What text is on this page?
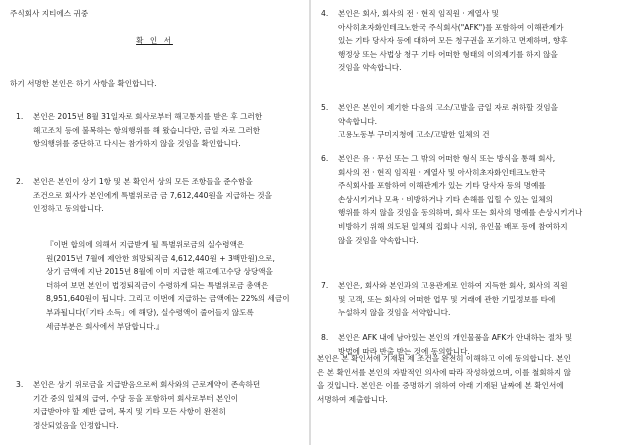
주식회사 지티에스 귀중

확 인 서

하기 서명한 본인은 하기 사항을 확인합니다.

1. 본인은 2015년 8월 31일자로 회사로부터 해고통지를 받은 후 그러한
해고조치 등에 불복하는 항의행위를 해 왔습니다만, 금일 자로 그러한
항의행위를 중단하고 다시는 참가하지 않을 것임을 확인합니다.

2. 본인은 본인이 상기 1항 및 본 확인서 상의 모든 조항들을 준수함을
조건으로 회사가 본인에게 특별위로금 금 7,612,440원을 지급하는 것을
인정하고 동의합니다.

『이번 합의에 의해서 지급받게 될 특별위로금의 실수령액은
원(2015년 7월에 제안한 희망퇴직금 4,612,440원 + 3백만원)으로,
상기 금액에 지난 2015년 8월에 이미 지급한 해고예고수당 상당액을
더하여 보면 본인이 법정퇴직금이 수령하게 되는 특별위로금 총액은
8,951,640원이 됩니다. 그리고 이번에 지급하는 금액에는 22%의 세금이
부과될니다(「기타 소득」에 해당), 실수령액이 줄어들지 않도록
세금부분은 회사에서 부담합니다.』

3. 본인은 상기 위로금을 지급받음으로써 회사와의 근로계약이 존속하던
기간 중의 일체의 급여, 수당 등을 포함하여 회사로부터 본인이
지급받아야 할 제반 급여, 복지 및 기타 모든 사항이 완전히
정산되었음을 인정합니다.

4. 본인은 회사, 회사의 전 · 현직 임직원 · 계열사 및
아사히초자화인테크노한국 주식회사("AFK")를 포함하여 이해관계가
있는 기타 당사자 등에 대하여 모든 청구권을 포기하고 면제하며, 향후
행정상 또는 사법상 청구 기타 어떠한 형태의 이의제기를 하지 않을
것임을 약속합니다.

5. 본인은 본인이 제기한 다음의 고소/고발을 금일 자로 취하할 것임을
약속합니다.
고용노동부 구미지청에 고소/고발한 일체의 건

6. 본인은 유 · 무선 또는 그 밖의 어떠한 형식 또는 방식을 통해 회사,
회사의 전 · 현직 임직원 · 계열사 및 아사히초자화인테크노한국
주식회사를 포함하여 이해관계가 있는 기타 당사자 등의 명예를
손상시키거나 모욕 · 비방하거나 기타 손해를 입힐 수 있는 일체의
행위를 하지 않을 것임을 동의하며, 회사 또는 회사의 명예를 손상시키거나
비방하기 위해 의도된 일체의 집회나 시위, 유인물 배포 등에 참여하지
않을 것임을 약속합니다.

7. 본인은, 회사와 본인과의 고용관계로 인하여 지득한 회사, 회사의 직원
및 고객, 또는 회사의 어떠한 업무 및 거래에 관한 기밀정보를 타에
누설하지 않을 것임을 서약합니다.

8. 본인은 AFK 내에 남아있는 본인의 개인물품을 AFK가 안내하는 절차 및
방법에 따라 반출 받는 것에 동의합니다.

본인은 본 확인서에 기재된 제 조건을 완전히 이해하고 이에 동의합니다. 본인
은 본 확인서를 본인의 자발적인 의사에 따라 작성하였으며, 이를 철회하지 않
을 것입니다. 본인은 이를 증명하기 위하여 아래 기재된 날짜에 본 확인서에
서명하여 제출합니다.
